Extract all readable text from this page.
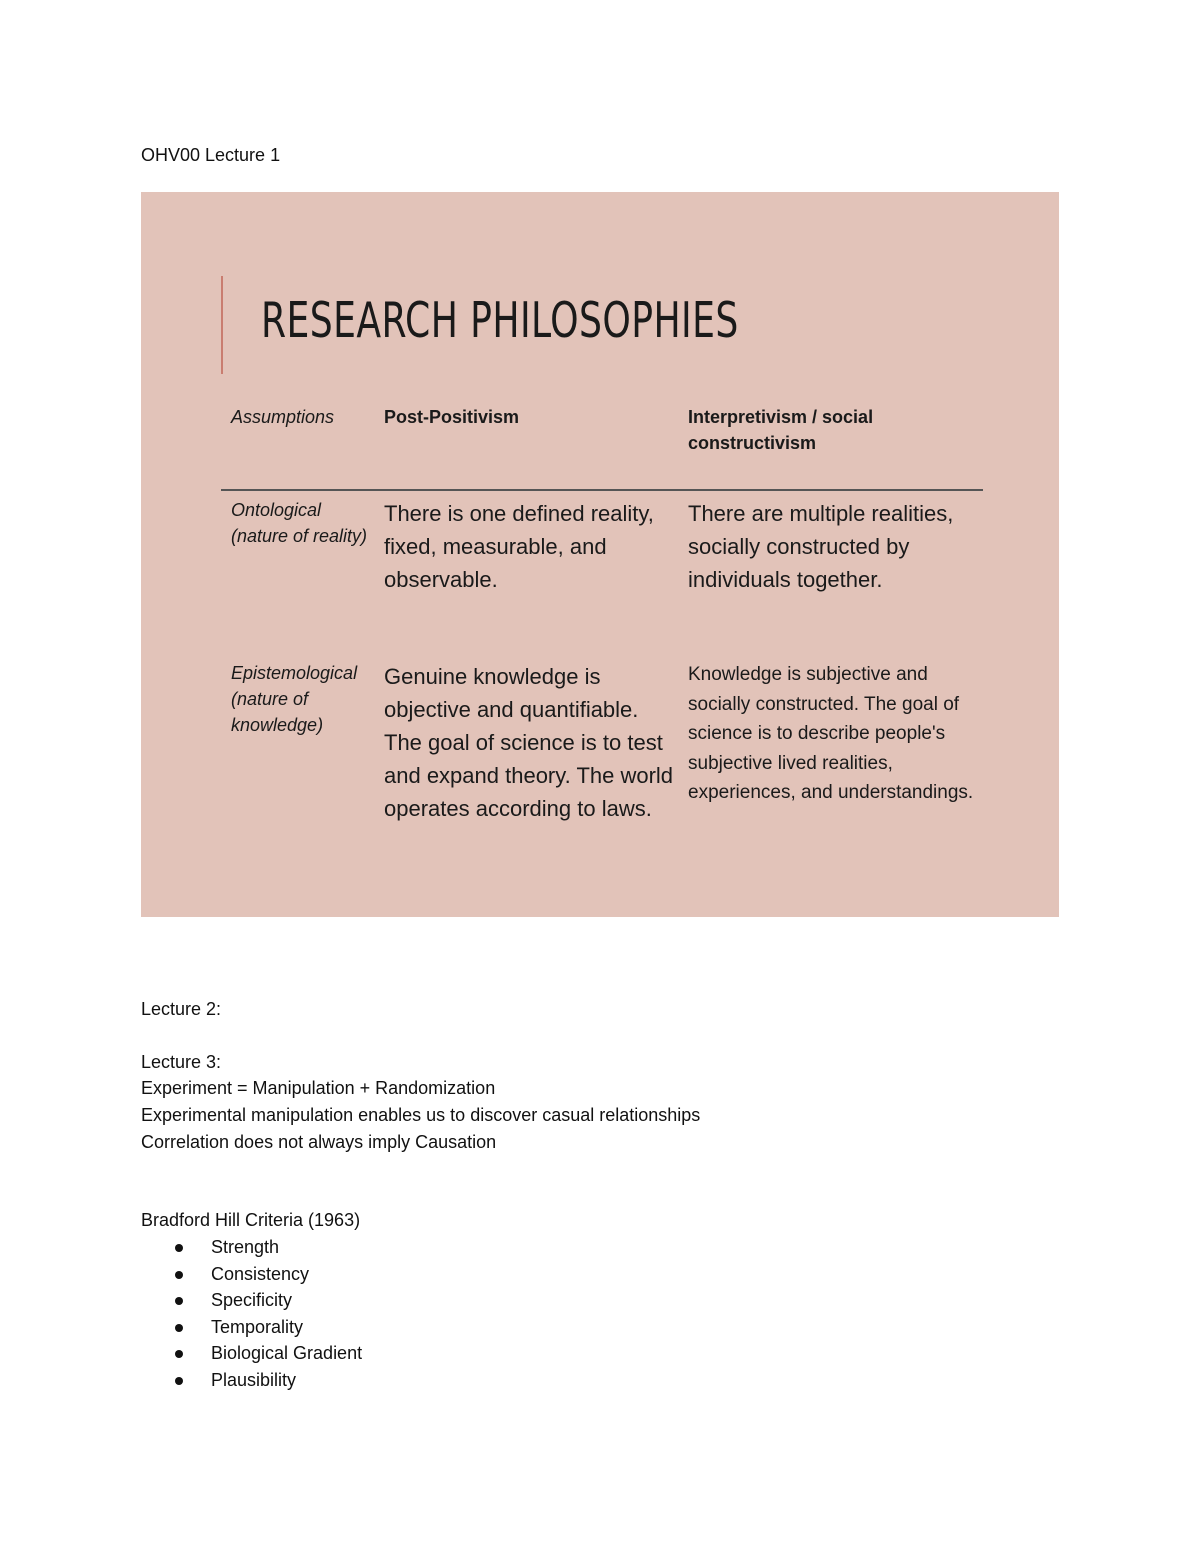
OHV00 Lecture 1
RESEARCH PHILOSOPHIES
Assumptions	Post-Positivism	Interpretivism / social constructivism
Ontological (nature of reality)
There is one defined reality, fixed, measurable, and observable.
There are multiple realities, socially constructed by individuals together.
Epistemological (nature of knowledge)
Genuine knowledge is objective and quantifiable. The goal of science is to test and expand theory. The world operates according to laws.
Knowledge is subjective and socially constructed. The goal of science is to describe people's subjective lived realities, experiences, and understandings.
Lecture 2:
Lecture 3:
Experiment = Manipulation + Randomization
Experimental manipulation enables us to discover casual relationships
Correlation does not always imply Causation
Bradford Hill Criteria (1963)
Strength
Consistency
Specificity
Temporality
Biological Gradient
Plausibility
